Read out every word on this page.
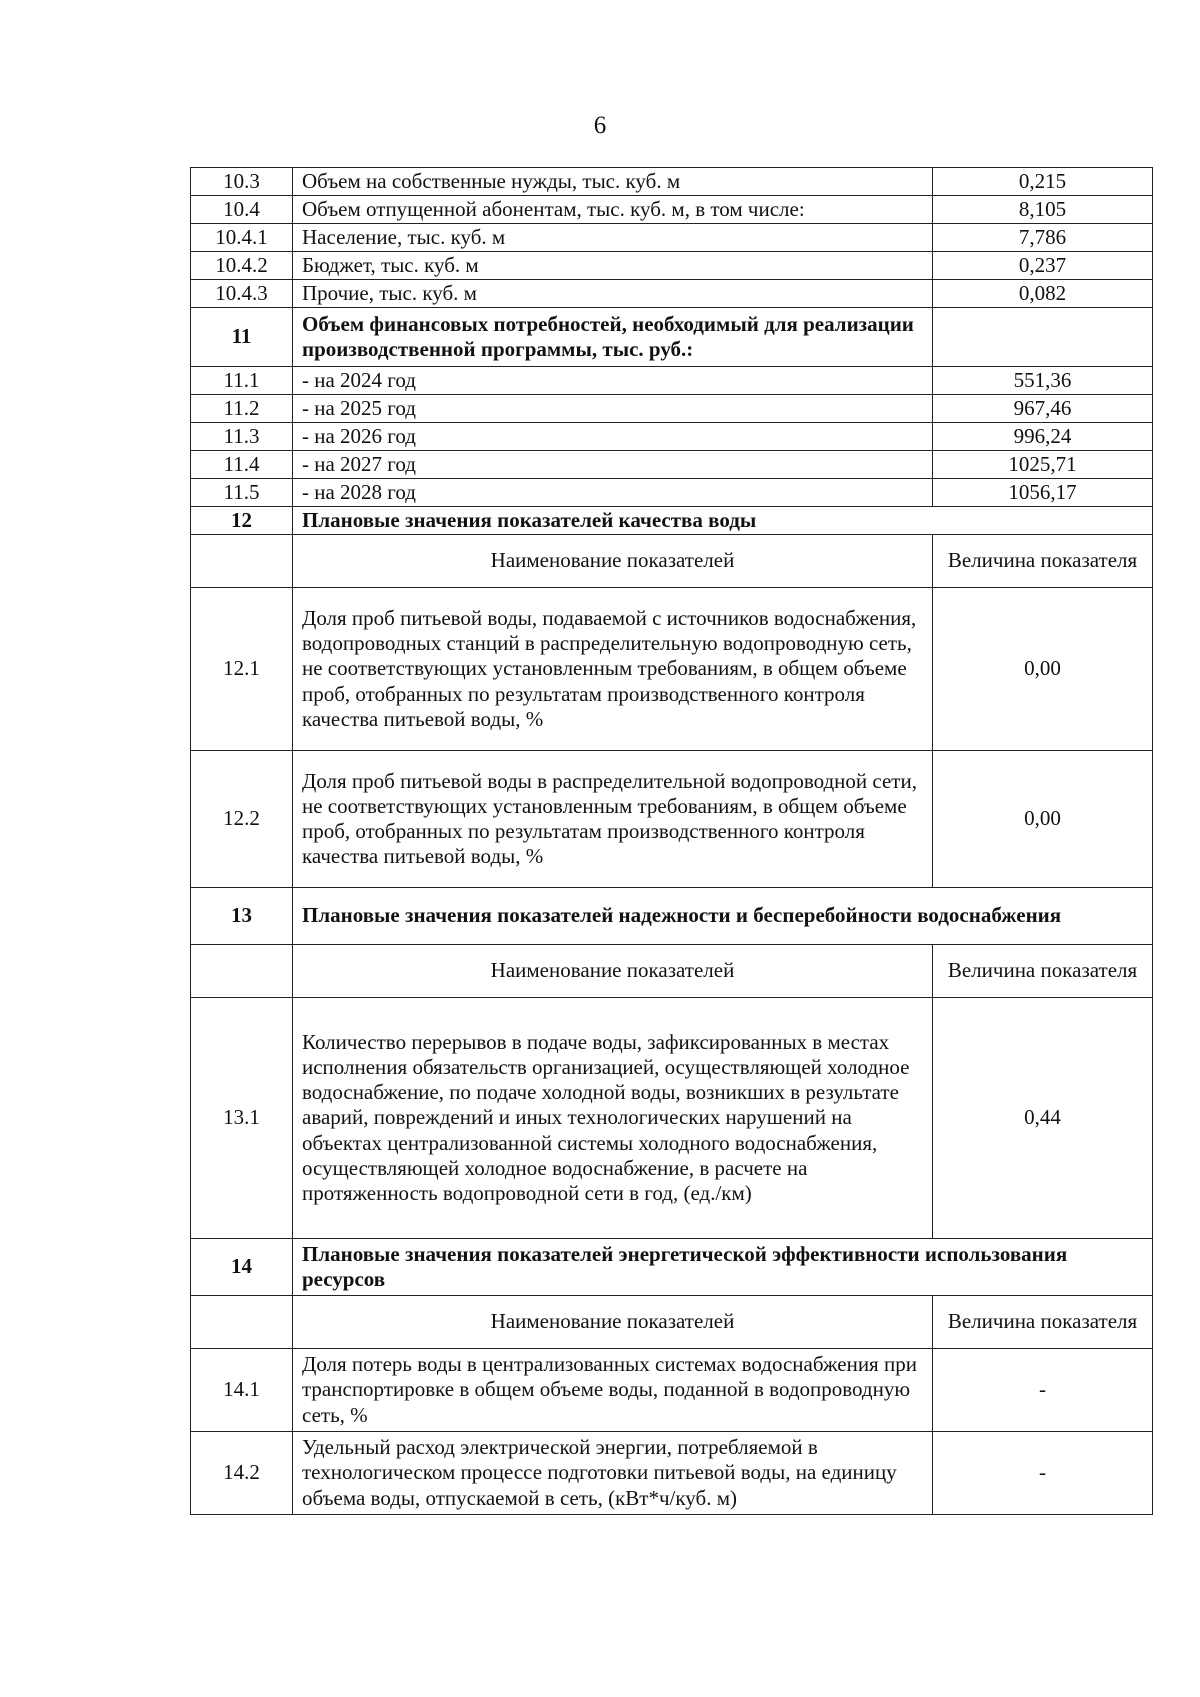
6
10.3	Объем на собственные нужды, тыс. куб. м	0,215
10.4	Объем отпущенной абонентам, тыс. куб. м, в том числе:	8,105
10.4.1	Население, тыс. куб. м	7,786
10.4.2	Бюджет, тыс. куб. м	0,237
10.4.3	Прочие, тыс. куб. м	0,082
11	Объем финансовых потребностей, необходимый для реализации производственной программы, тыс. руб.:	
11.1	- на 2024 год	551,36
11.2	- на 2025 год	967,46
11.3	- на 2026 год	996,24
11.4	- на 2027 год	1025,71
11.5	- на 2028 год	1056,17
12	Плановые значения показателей качества воды	
	Наименование показателей	Величина показателя
12.1	Доля проб питьевой воды, подаваемой с источников водоснабжения, водопроводных станций в распределительную водопроводную сеть, не соответствующих установленным требованиям, в общем объеме проб, отобранных по результатам производственного контроля качества питьевой воды, %	0,00
12.2	Доля проб питьевой воды в распределительной водопроводной сети, не соответствующих установленным требованиям, в общем объеме проб, отобранных по результатам производственного контроля качества питьевой воды, %	0,00
13	Плановые значения показателей надежности и бесперебойности водоснабжения	
	Наименование показателей	Величина показателя
13.1	Количество перерывов в подаче воды, зафиксированных в местах исполнения обязательств организацией, осуществляющей холодное водоснабжение, по подаче холодной воды, возникших в результате аварий, повреждений и иных технологических нарушений на объектах централизованной системы холодного водоснабжения, осуществляющей холодное водоснабжение, в расчете на протяженность водопроводной сети в год, (ед./км)	0,44
14	Плановые значения показателей энергетической эффективности использования ресурсов	
	Наименование показателей	Величина показателя
14.1	Доля потерь воды в централизованных системах водоснабжения при транспортировке в общем объеме воды, поданной в водопроводную сеть, %	-
14.2	Удельный расход электрической энергии, потребляемой в технологическом процессе подготовки питьевой воды, на единицу объема воды, отпускаемой в сеть, (кВт*ч/куб. м)	-
